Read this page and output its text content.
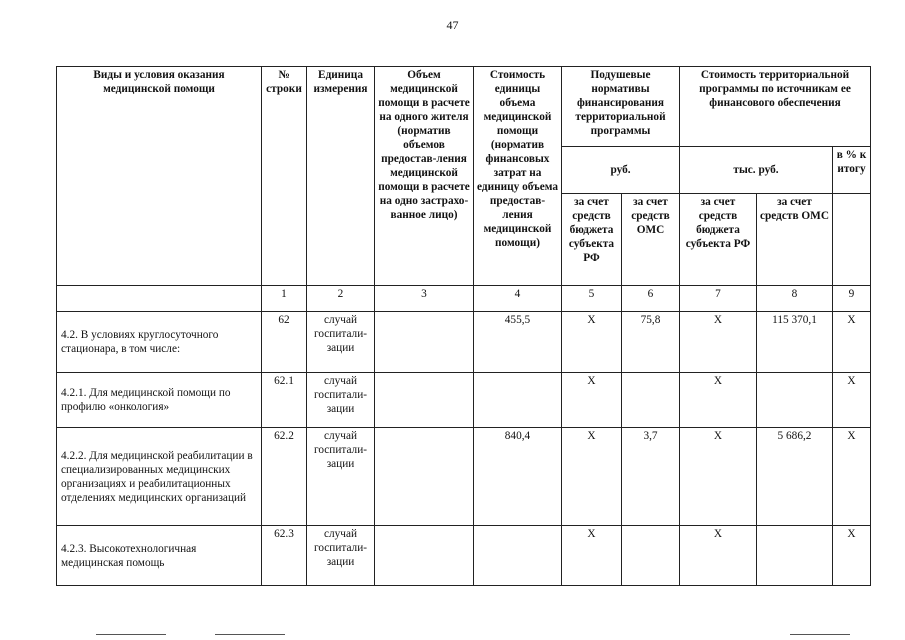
47
Виды и условия оказания медицинской помощи	№ строки	Единица измерения	Объем медицинской помощи в расчете на одного жителя (норматив объемов предостав-ления медицинской помощи в расчете на одно застрахо-ванное лицо)	Стоимость единицы объема медицинской помощи (норматив финансовых затрат на единицу объема предостав-ления медицинской помощи)	Подушевые нормативы финансирования территориальной программы		Стоимость территориальной программы по источникам ее финансового обеспечения		
					руб.		тыс. руб.		в % к итогу
					за счет средств бюджета субъекта РФ	за счет средств ОМС	за счет средств бюджета субъекта РФ	за счет средств ОМС	
	1	2	3	4	5	6	7	8	9
4.2. В условиях круглосуточного стационара, в том числе:	62	случай госпитали-зации		455,5	Х	75,8	Х	115 370,1	Х
4.2.1. Для медицинской помощи по профилю «онкология»	62.1	случай госпитали-зации			Х		Х		Х
4.2.2. Для медицинской реабилитации в специализированных медицинских организациях и реабилитационных отделениях медицинских организаций	62.2	случай госпитали-зации		840,4	Х	3,7	Х	5 686,2	Х
4.2.3. Высокотехнологичная медицинская помощь	62.3	случай госпитали-зации			Х		Х		Х
